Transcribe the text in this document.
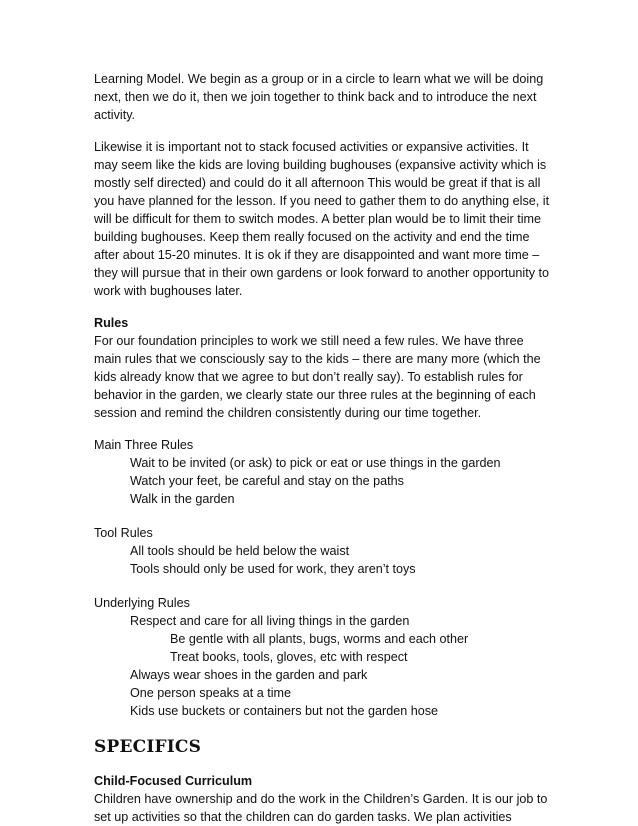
Learning Model. We begin as a group or in a circle to learn what we will be doing next, then we do it, then we join together to think back and to introduce the next activity.

Likewise it is important not to stack focused activities or expansive activities. It may seem like the kids are loving building bughouses (expansive activity which is mostly self directed) and could do it all afternoon This would be great if that is all you have planned for the lesson. If you need to gather them to do anything else, it will be difficult for them to switch modes. A better plan would be to limit their time building bughouses. Keep them really focused on the activity and end the time after about 15-20 minutes. It is ok if they are disappointed and want more time – they will pursue that in their own gardens or look forward to another opportunity to work with bughouses later.

Rules

For our foundation principles to work we still need a few rules. We have three main rules that we consciously say to the kids – there are many more (which the kids already know that we agree to but don’t really say). To establish rules for behavior in the garden, we clearly state our three rules at the beginning of each session and remind the children consistently during our time together.

Main Three Rules

Wait to be invited (or ask) to pick or eat or use things in the garden

Watch your feet, be careful and stay on the paths

Walk in the garden

Tool Rules

All tools should be held below the waist

Tools should only be used for work, they aren’t toys

Underlying Rules

Respect and care for all living things in the garden

Be gentle with all plants, bugs, worms and each other

Treat books, tools, gloves, etc with respect

Always wear shoes in the garden and park

One person speaks at a time

Kids use buckets or containers but not the garden hose

SPECIFICS

Child-Focused Curriculum

Children have ownership and do the work in the Children’s Garden. It is our job to set up activities so that the children can do garden tasks. We plan activities
